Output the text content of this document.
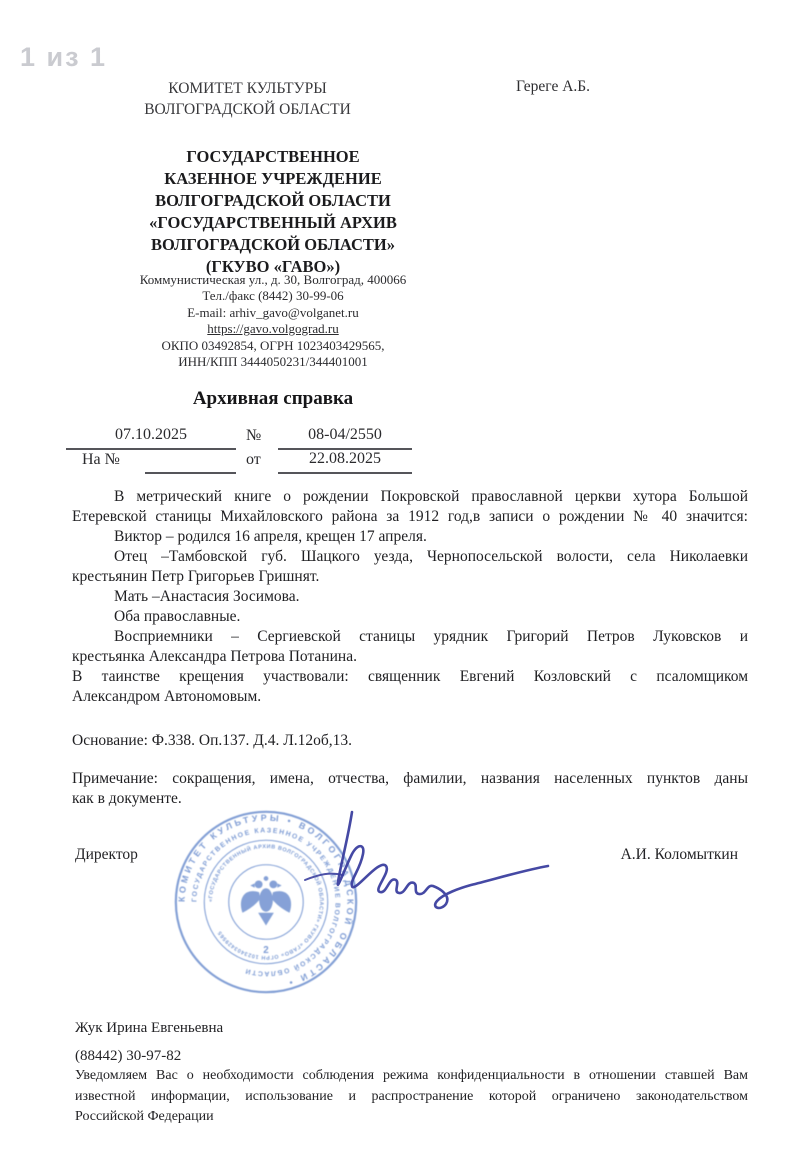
1 из 1
КОМИТЕТ КУЛЬТУРЫ
ВОЛГОГРАДСКОЙ ОБЛАСТИ
Гереге А.Б.
ГОСУДАРСТВЕННОЕ
КАЗЕННОЕ УЧРЕЖДЕНИЕ
ВОЛГОГРАДСКОЙ ОБЛАСТИ
«ГОСУДАРСТВЕННЫЙ АРХИВ
ВОЛГОГРАДСКОЙ ОБЛАСТИ»
(ГКУВО «ГАВО»)
Коммунистическая ул., д. 30, Волгоград, 400066
Тел./факс (8442) 30-99-06
E-mail: arhiv_gavo@volganet.ru
https://gavo.volgograd.ru
ОКПО 03492854, ОГРН 1023403429565,
ИНН/КПП 3444050231/344401001
Архивная справка
07.10.2025	№	08-04/2550
На №	от	22.08.2025
В метрический книге о рождении Покровской православной церкви хутора Большой
Етеревской станицы Михайловского района за 1912 год,в записи о рождении № 40 значится:
Виктор – родился 16 апреля, крещен 17 апреля.
Отец –Тамбовской губ. Шацкого уезда, Чернопосельской волости, села Николаевки
крестьянин Петр Григорьев Гришнят.
Мать –Анастасия Зосимова.
Оба православные.
Восприемники – Сергиевской станицы урядник Григорий Петров Луковсков и
крестьянка Александра Петрова Потанина.
В таинстве крещения участвовали: священник Евгений Козловский с псаломщиком
Александром Автономовым.
Основание: Ф.338. Оп.137. Д.4. Л.12об,13.
Примечание: сокращения, имена, отчества, фамилии, названия населенных пунктов даны
как в документе.
Директор	А.И. Коломыткин
КОМИТЕТ КУЛЬТУРЫ • ВОЛГОГРАДСКОЙ ОБЛАСТИ •
ГОСУДАРСТВЕННОЕ КАЗЕННОЕ УЧРЕЖДЕНИЕ ВОЛГОГРАДСКОЙ ОБЛАСТИ
«ГОСУДАРСТВЕННЫЙ АРХИВ ВОЛГОГРАДСКОЙ ОБЛАСТИ» ГКУВО «ГАВО» ОГРН 1023403429565
2
Жук Ирина Евгеньевна
(88442) 30-97-82
Уведомляем Вас о необходимости соблюдения режима конфиденциальности в отношении ставшей Вам
известной информации, использование и распространение которой ограничено законодательством
Российской Федерации
